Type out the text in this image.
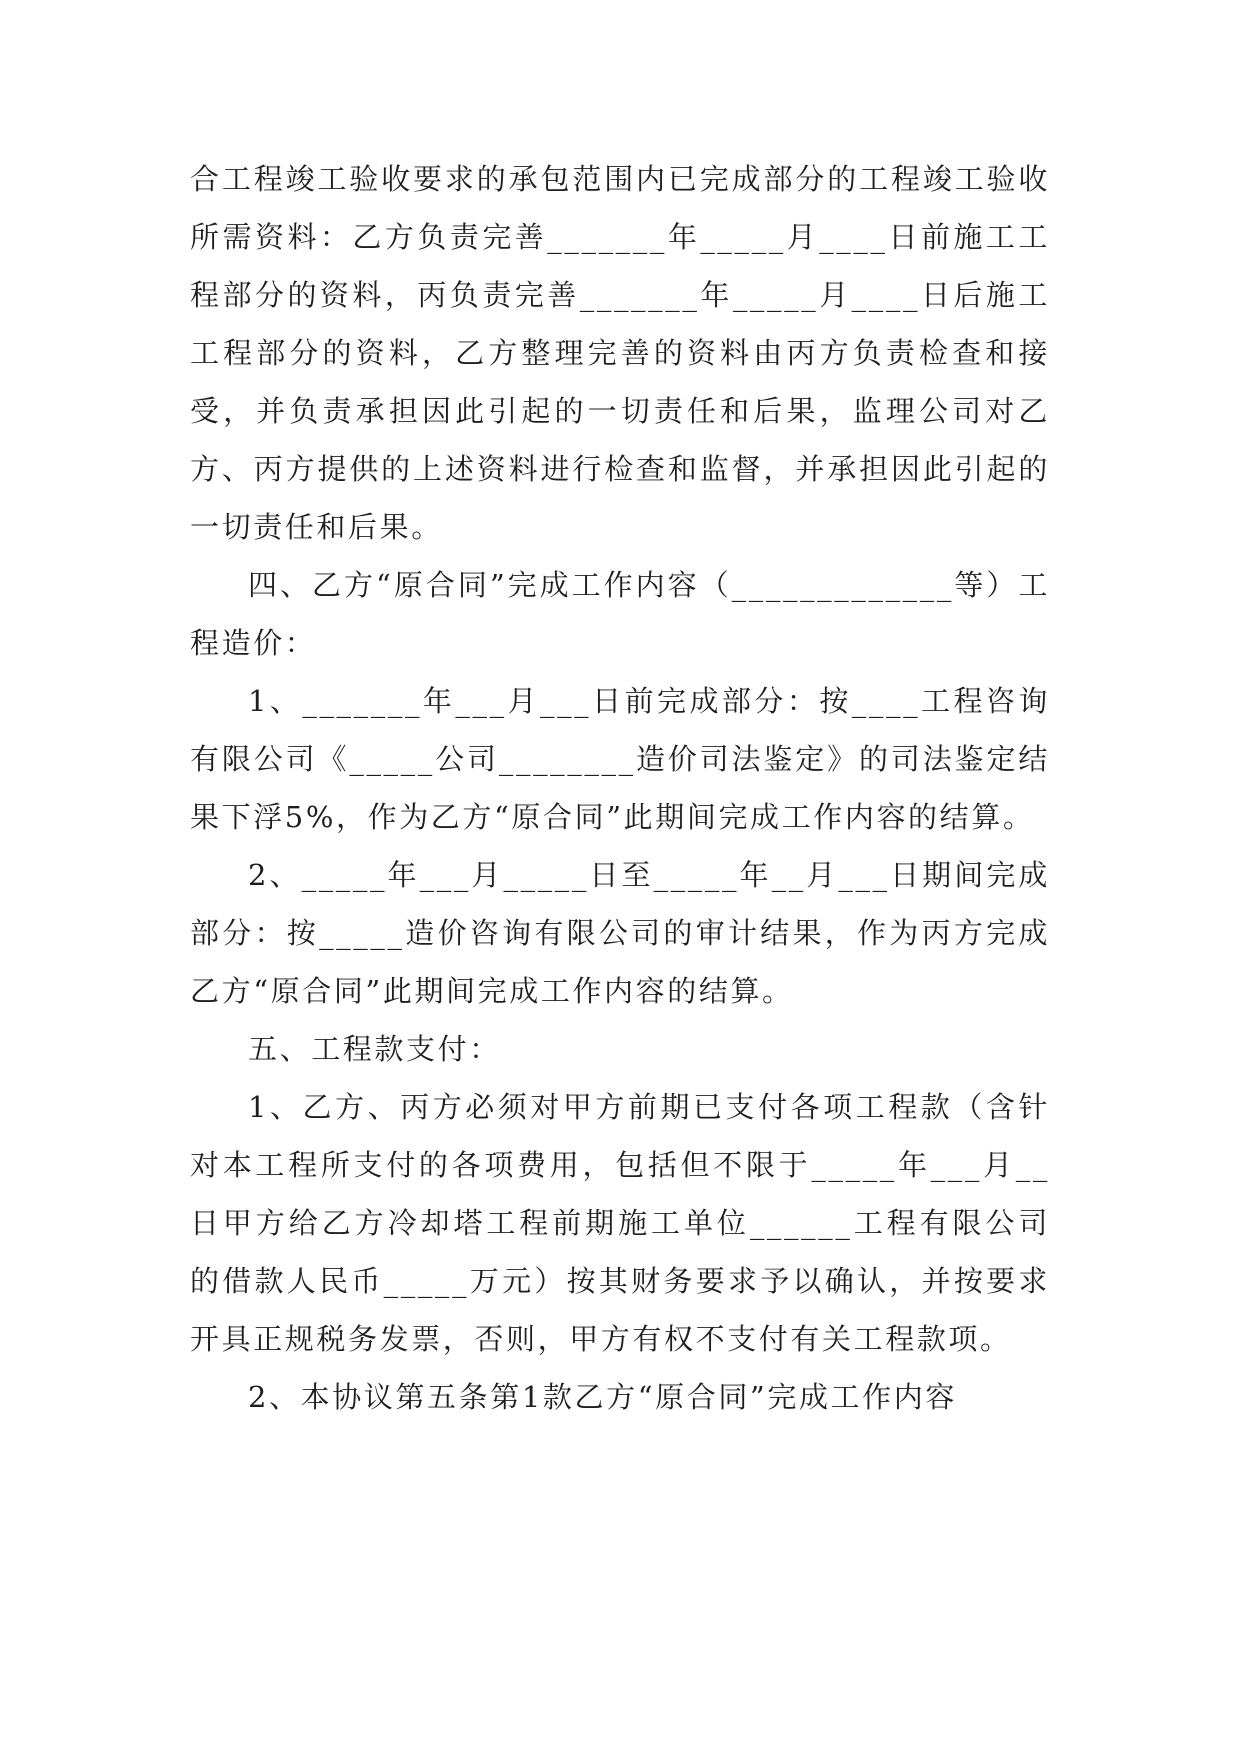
合工程竣工验收要求的承包范围内已完成部分的工程竣工验收所需资料：乙方负责完善_______年_____月____日前施工工程部分的资料，丙负责完善_______年_____月____日后施工工程部分的资料，乙方整理完善的资料由丙方负责检查和接受，并负责承担因此引起的一切责任和后果，监理公司对乙方、丙方提供的上述资料进行检查和监督，并承担因此引起的一切责任和后果。

四、乙方“原合同”完成工作内容（_____________等）工程造价：

1、_______年___月___日前完成部分：按____工程咨询有限公司《_____公司________造价司法鉴定》的司法鉴定结果下浮5%，作为乙方“原合同”此期间完成工作内容的结算。

2、_____年___月_____日至_____年__月___日期间完成部分：按_____造价咨询有限公司的审计结果，作为丙方完成乙方“原合同”此期间完成工作内容的结算。

五、工程款支付：

1、乙方、丙方必须对甲方前期已支付各项工程款（含针对本工程所支付的各项费用，包括但不限于_____年___月__日甲方给乙方冷却塔工程前期施工单位______工程有限公司的借款人民币_____万元）按其财务要求予以确认，并按要求开具正规税务发票，否则，甲方有权不支付有关工程款项。

2、本协议第五条第1款乙方“原合同”完成工作内容
